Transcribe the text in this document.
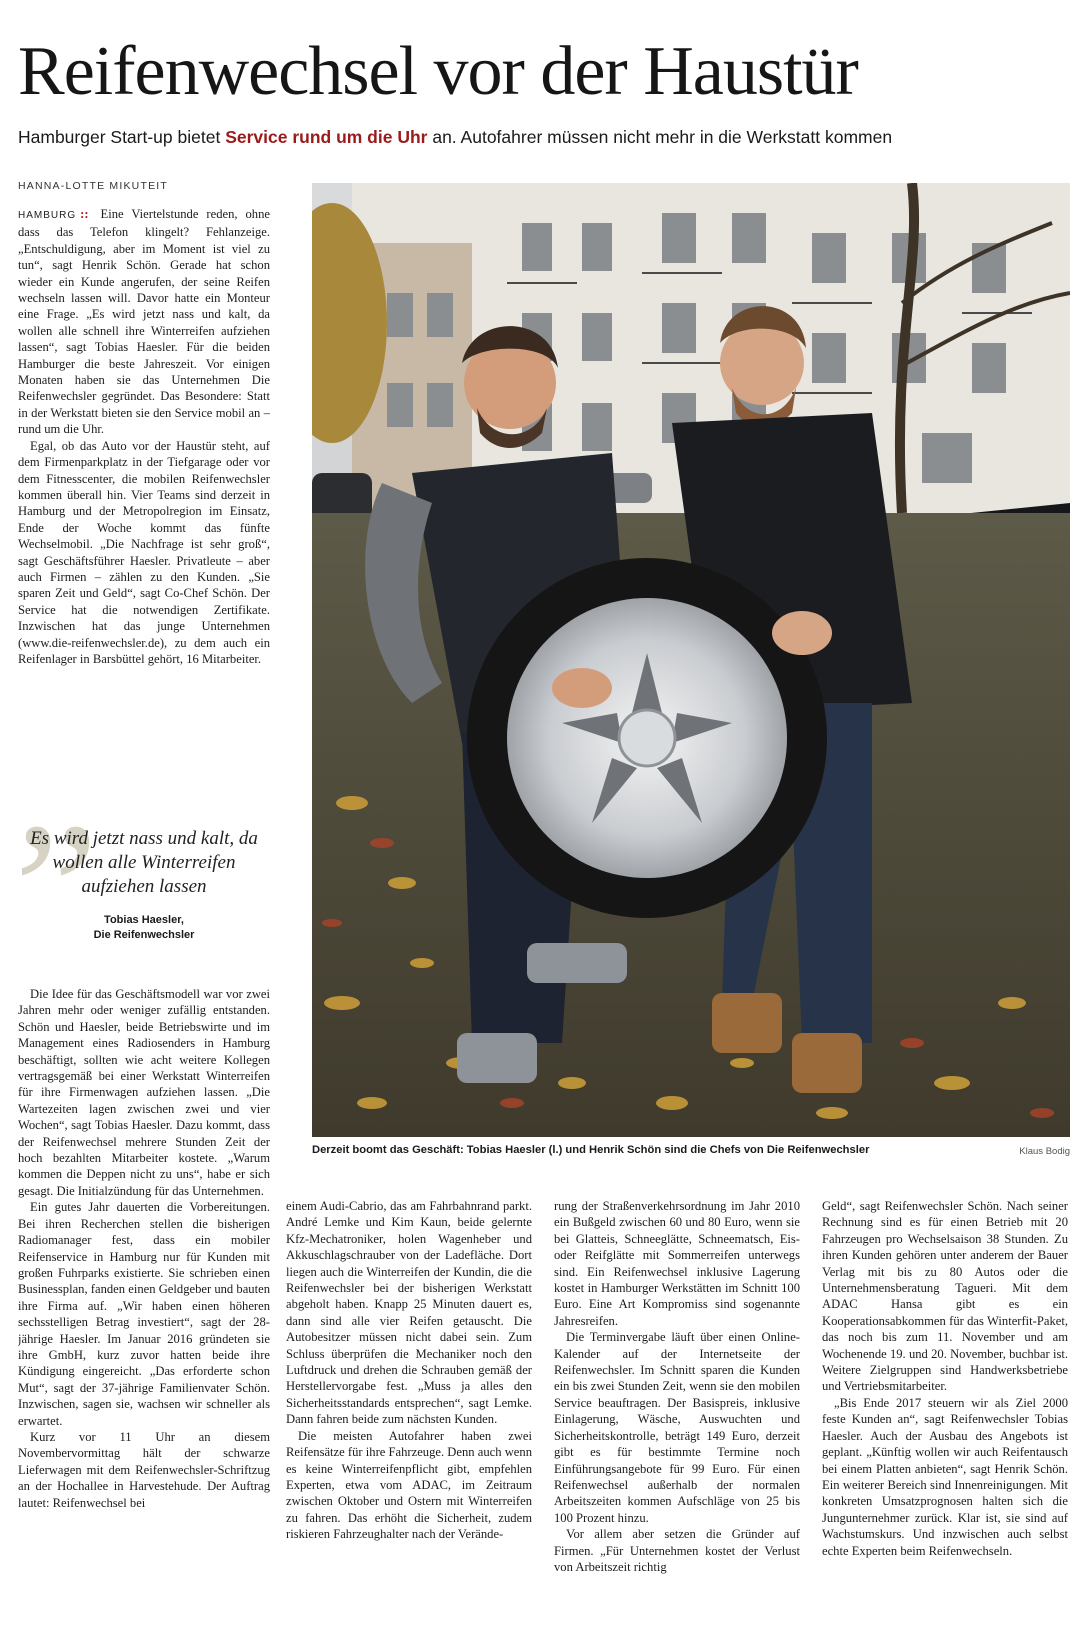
Reifenwechsel vor der Haustür
Hamburger Start-up bietet Service rund um die Uhr an. Autofahrer müssen nicht mehr in die Werkstatt kommen
HANNA-LOTTE MIKUTEIT

HAMBURG :: Eine Viertelstunde reden, ohne dass das Telefon klingelt? Fehlanzeige. „Entschuldigung, aber im Moment ist viel zu tun“, sagt Henrik Schön. Gerade hat schon wieder ein Kunde angerufen, der seine Reifen wechseln lassen will. Davor hatte ein Monteur eine Frage. „Es wird jetzt nass und kalt, da wollen alle schnell ihre Winterreifen aufziehen lassen“, sagt Tobias Haesler. Für die beiden Hamburger die beste Jahreszeit. Vor einigen Monaten haben sie das Unternehmen Die Reifenwechsler gegründet. Das Besondere: Statt in der Werkstatt bieten sie den Service mobil an – rund um die Uhr.

Egal, ob das Auto vor der Haustür steht, auf dem Firmenparkplatz in der Tiefgarage oder vor dem Fitnesscenter, die mobilen Reifenwechsler kommen überall hin. Vier Teams sind derzeit in Hamburg und der Metropolregion im Einsatz, Ende der Woche kommt das fünfte Wechselmobil. „Die Nachfrage ist sehr groß“, sagt Geschäftsführer Haesler. Privatleute – aber auch Firmen – zählen zu den Kunden. „Sie sparen Zeit und Geld“, sagt Co-Chef Schön. Der Service hat die notwendigen Zertifikate. Inzwischen hat das junge Unternehmen (www.die-reifenwechsler.de), zu dem auch ein Reifenlager in Barsbüttel gehört, 16 Mitarbeiter.

”
Es wird jetzt nass und kalt, da wollen alle Winterreifen aufziehen lassen
Tobias Haesler,
Die Reifenwechsler

Die Idee für das Geschäftsmodell war vor zwei Jahren mehr oder weniger zufällig entstanden. Schön und Haesler, beide Betriebswirte und im Management eines Radiosenders in Hamburg beschäftigt, sollten wie acht weitere Kollegen vertragsgemäß bei einer Werkstatt Winterreifen für ihre Firmenwagen aufziehen lassen. „Die Wartezeiten lagen zwischen zwei und vier Wochen“, sagt Tobias Haesler. Dazu kommt, dass der Reifenwechsel mehrere Stunden Zeit der hoch bezahlten Mitarbeiter kostete. „Warum kommen die Deppen nicht zu uns“, habe er sich gesagt. Die Initialzündung für das Unternehmen.

Ein gutes Jahr dauerten die Vorbereitungen. Bei ihren Recherchen stellen die bisherigen Radiomanager fest, dass ein mobiler Reifenservice in Hamburg nur für Kunden mit großen Fuhrparks existierte. Sie schrieben einen Businessplan, fanden einen Geldgeber und bauten ihre Firma auf. „Wir haben einen höheren sechsstelligen Betrag investiert“, sagt der 28-jährige Haesler. Im Januar 2016 gründeten sie ihre GmbH, kurz zuvor hatten beide ihre Kündigung eingereicht. „Das erforderte schon Mut“, sagt der 37-jährige Familienvater Schön. Inzwischen, sagen sie, wachsen wir schneller als erwartet.

Kurz vor 11 Uhr an diesem Novembervormittag hält der schwarze Lieferwagen mit dem Reifenwechsler-Schriftzug an der Hochallee in Harvestehude. Der Auftrag lautet: Reifenwechsel bei

Derzeit boomt das Geschäft: Tobias Haesler (l.) und Henrik Schön sind die Chefs von Die Reifenwechsler	Klaus Bodig

einem Audi-Cabrio, das am Fahrbahnrand parkt. André Lemke und Kim Kaun, beide gelernte Kfz-Mechatroniker, holen Wagenheber und Akkuschlagschrauber von der Ladefläche. Dort liegen auch die Winterreifen der Kundin, die die Reifenwechsler bei der bisherigen Werkstatt abgeholt haben. Knapp 25 Minuten dauert es, dann sind alle vier Reifen getauscht. Die Autobesitzer müssen nicht dabei sein. Zum Schluss überprüfen die Mechaniker noch den Luftdruck und drehen die Schrauben gemäß der Herstellervorgabe fest. „Muss ja alles den Sicherheitsstandards entsprechen“, sagt Lemke. Dann fahren beide zum nächsten Kunden.

Die meisten Autofahrer haben zwei Reifensätze für ihre Fahrzeuge. Denn auch wenn es keine Winterreifenpflicht gibt, empfehlen Experten, etwa vom ADAC, im Zeitraum zwischen Oktober und Ostern mit Winterreifen zu fahren. Das erhöht die Sicherheit, zudem riskieren Fahrzeughalter nach der Verände-

rung der Straßenverkehrsordnung im Jahr 2010 ein Bußgeld zwischen 60 und 80 Euro, wenn sie bei Glatteis, Schneeglätte, Schneematsch, Eis- oder Reifglätte mit Sommerreifen unterwegs sind. Ein Reifenwechsel inklusive Lagerung kostet in Hamburger Werkstätten im Schnitt 100 Euro. Eine Art Kompromiss sind sogenannte Jahresreifen.

Die Terminvergabe läuft über einen Online-Kalender auf der Internetseite der Reifenwechsler. Im Schnitt sparen die Kunden ein bis zwei Stunden Zeit, wenn sie den mobilen Service beauftragen. Der Basispreis, inklusive Einlagerung, Wäsche, Auswuchten und Sicherheitskontrolle, beträgt 149 Euro, derzeit gibt es für bestimmte Termine noch Einführungsangebote für 99 Euro. Für einen Reifenwechsel außerhalb der normalen Arbeitszeiten kommen Aufschläge von 25 bis 100 Prozent hinzu.

Vor allem aber setzen die Gründer auf Firmen. „Für Unternehmen kostet der Verlust von Arbeitszeit richtig

Geld“, sagt Reifenwechsler Schön. Nach seiner Rechnung sind es für einen Betrieb mit 20 Fahrzeugen pro Wechselsaison 38 Stunden. Zu ihren Kunden gehören unter anderem der Bauer Verlag mit bis zu 80 Autos oder die Unternehmensberatung Tagueri. Mit dem ADAC Hansa gibt es ein Kooperationsabkommen für das Winterfit-Paket, das noch bis zum 11. November und am Wochenende 19. und 20. November, buchbar ist. Weitere Zielgruppen sind Handwerksbetriebe und Vertriebsmitarbeiter.

„Bis Ende 2017 steuern wir als Ziel 2000 feste Kunden an“, sagt Reifenwechsler Tobias Haesler. Auch der Ausbau des Angebots ist geplant. „Künftig wollen wir auch Reifentausch bei einem Platten anbieten“, sagt Henrik Schön. Ein weiterer Bereich sind Innenreinigungen. Mit konkreten Umsatzprognosen halten sich die Jungunternehmer zurück. Klar ist, sie sind auf Wachstumskurs. Und inzwischen auch selbst echte Experten beim Reifenwechseln.
